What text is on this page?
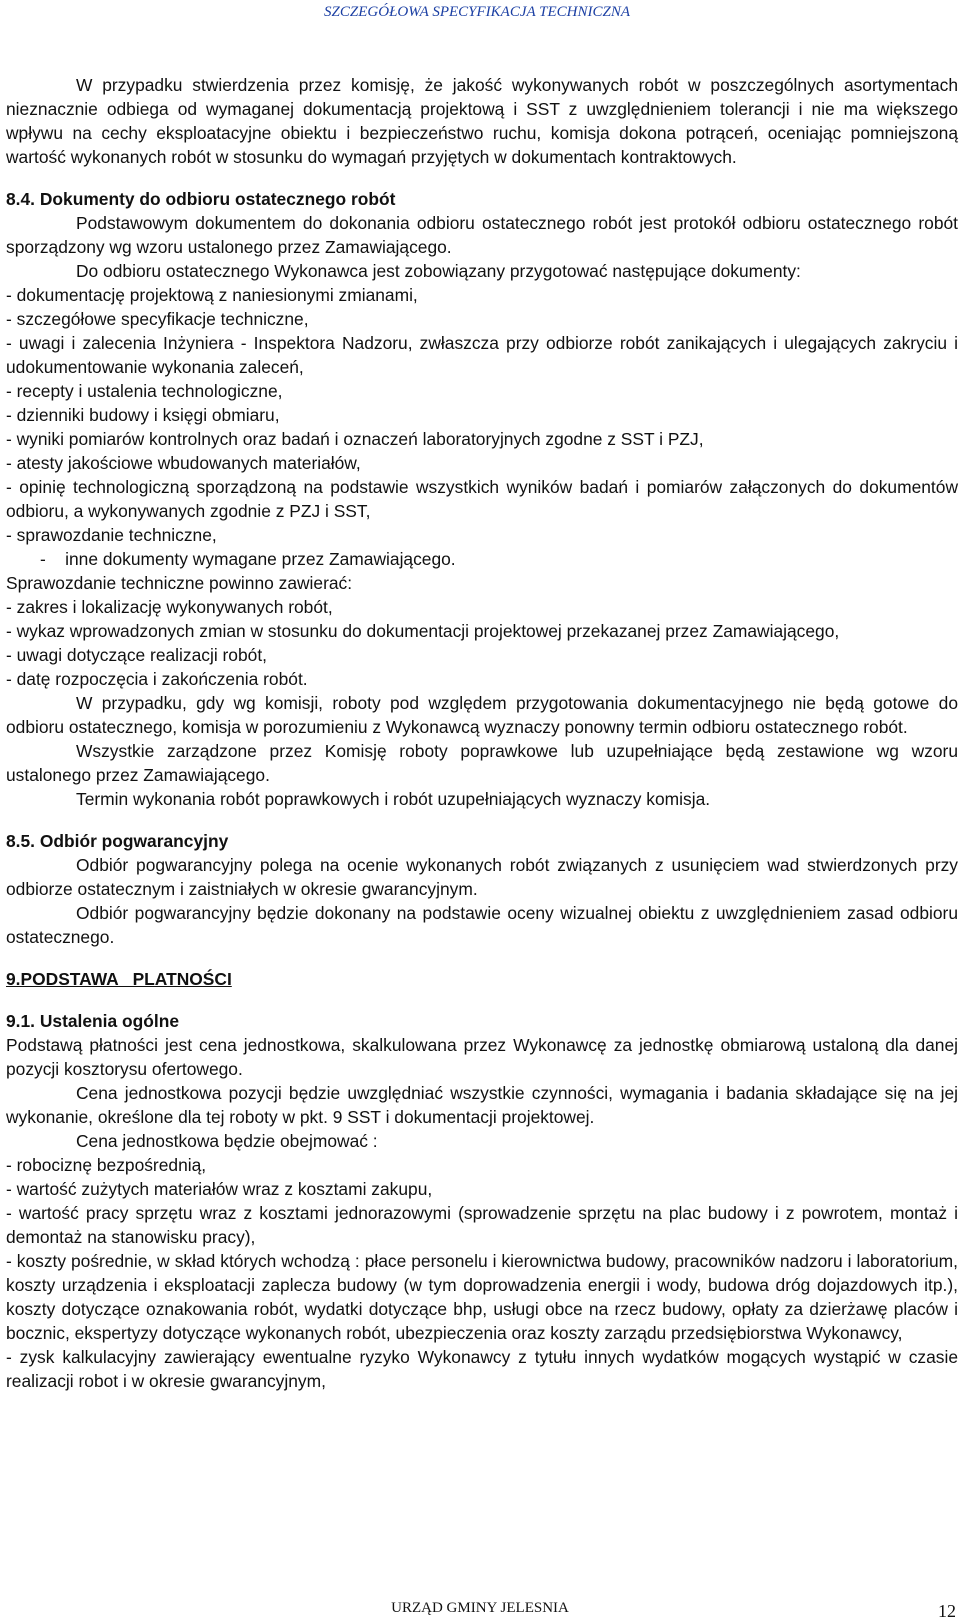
SZCZEGÓŁOWA SPECYFIKACJA TECHNICZNA

W przypadku stwierdzenia przez komisję, że jakość wykonywanych robót w poszczególnych asortymentach nieznacznie odbiega od wymaganej dokumentacją projektową i SST z uwzględnieniem tolerancji i nie ma większego wpływu na cechy eksploatacyjne obiektu i bezpieczeństwo ruchu, komisja dokona potrąceń, oceniając pomniejszoną wartość wykonanych robót w stosunku do wymagań przyjętych w dokumentach kontraktowych.

8.4. Dokumenty do odbioru ostatecznego robót

Podstawowym dokumentem do dokonania odbioru ostatecznego robót jest protokół odbioru ostatecznego robót sporządzony wg wzoru ustalonego przez Zamawiającego.

Do odbioru ostatecznego Wykonawca jest zobowiązany przygotować następujące dokumenty:

- dokumentację projektową z naniesionymi zmianami,

- szczegółowe specyfikacje techniczne,

- uwagi i zalecenia Inżyniera - Inspektora Nadzoru, zwłaszcza przy odbiorze robót zanikających i ulegających zakryciu i udokumentowanie wykonania zaleceń,

- recepty i ustalenia technologiczne,

- dzienniki budowy i księgi obmiaru,

- wyniki pomiarów kontrolnych oraz badań i oznaczeń laboratoryjnych zgodne z SST i PZJ,

- atesty jakościowe wbudowanych materiałów,

- opinię technologiczną sporządzoną na podstawie wszystkich wyników badań i pomiarów załączonych do dokumentów odbioru, a wykonywanych zgodnie z PZJ i SST,

- sprawozdanie techniczne,

-    inne dokumenty wymagane przez Zamawiającego.

Sprawozdanie techniczne powinno zawierać:

- zakres i lokalizację wykonywanych robót,

- wykaz wprowadzonych zmian w stosunku do dokumentacji projektowej przekazanej przez Zamawiającego,

- uwagi dotyczące realizacji robót,

- datę rozpoczęcia i zakończenia robót.

W przypadku, gdy wg komisji, roboty pod względem przygotowania dokumentacyjnego nie będą gotowe do odbioru ostatecznego, komisja w porozumieniu z Wykonawcą wyznaczy ponowny termin odbioru ostatecznego robót.

Wszystkie zarządzone przez Komisję roboty poprawkowe lub uzupełniające będą zestawione wg wzoru ustalonego przez Zamawiającego.

Termin wykonania robót poprawkowych i robót uzupełniających wyznaczy komisja.

8.5. Odbiór pogwarancyjny

Odbiór pogwarancyjny polega na ocenie wykonanych robót związanych z usunięciem wad stwierdzonych przy odbiorze ostatecznym i zaistniałych w okresie gwarancyjnym.

Odbiór pogwarancyjny będzie dokonany na podstawie oceny wizualnej obiektu z uwzględnieniem zasad odbioru ostatecznego.

9.PODSTAWA   PLATNOŚCI

9.1. Ustalenia ogólne

Podstawą płatności jest cena jednostkowa, skalkulowana przez Wykonawcę za jednostkę obmiarową ustaloną dla danej pozycji kosztorysu ofertowego.

Cena jednostkowa pozycji będzie uwzględniać wszystkie czynności, wymagania i badania składające się na jej wykonanie, określone dla tej roboty w pkt. 9 SST i dokumentacji projektowej.

Cena jednostkowa będzie obejmować :

- robociznę bezpośrednią,

- wartość zużytych materiałów wraz z kosztami zakupu,

- wartość pracy sprzętu wraz z kosztami jednorazowymi (sprowadzenie sprzętu na plac budowy i z powrotem, montaż i demontaż na stanowisku pracy),

- koszty pośrednie, w skład których wchodzą : płace personelu i kierownictwa budowy, pracowników nadzoru i laboratorium, koszty urządzenia i eksploatacji zaplecza budowy (w tym doprowadzenia energii i wody, budowa dróg dojazdowych itp.), koszty dotyczące oznakowania robót, wydatki dotyczące bhp, usługi obce na rzecz budowy, opłaty za dzierżawę placów i bocznic, ekspertyzy dotyczące wykonanych robót, ubezpieczenia oraz koszty zarządu przedsiębiorstwa Wykonawcy,

- zysk kalkulacyjny zawierający ewentualne ryzyko Wykonawcy z tytułu innych wydatków mogących wystąpić w czasie realizacji robot i w okresie gwarancyjnym,

URZĄD GMINY JELESNIA	12
